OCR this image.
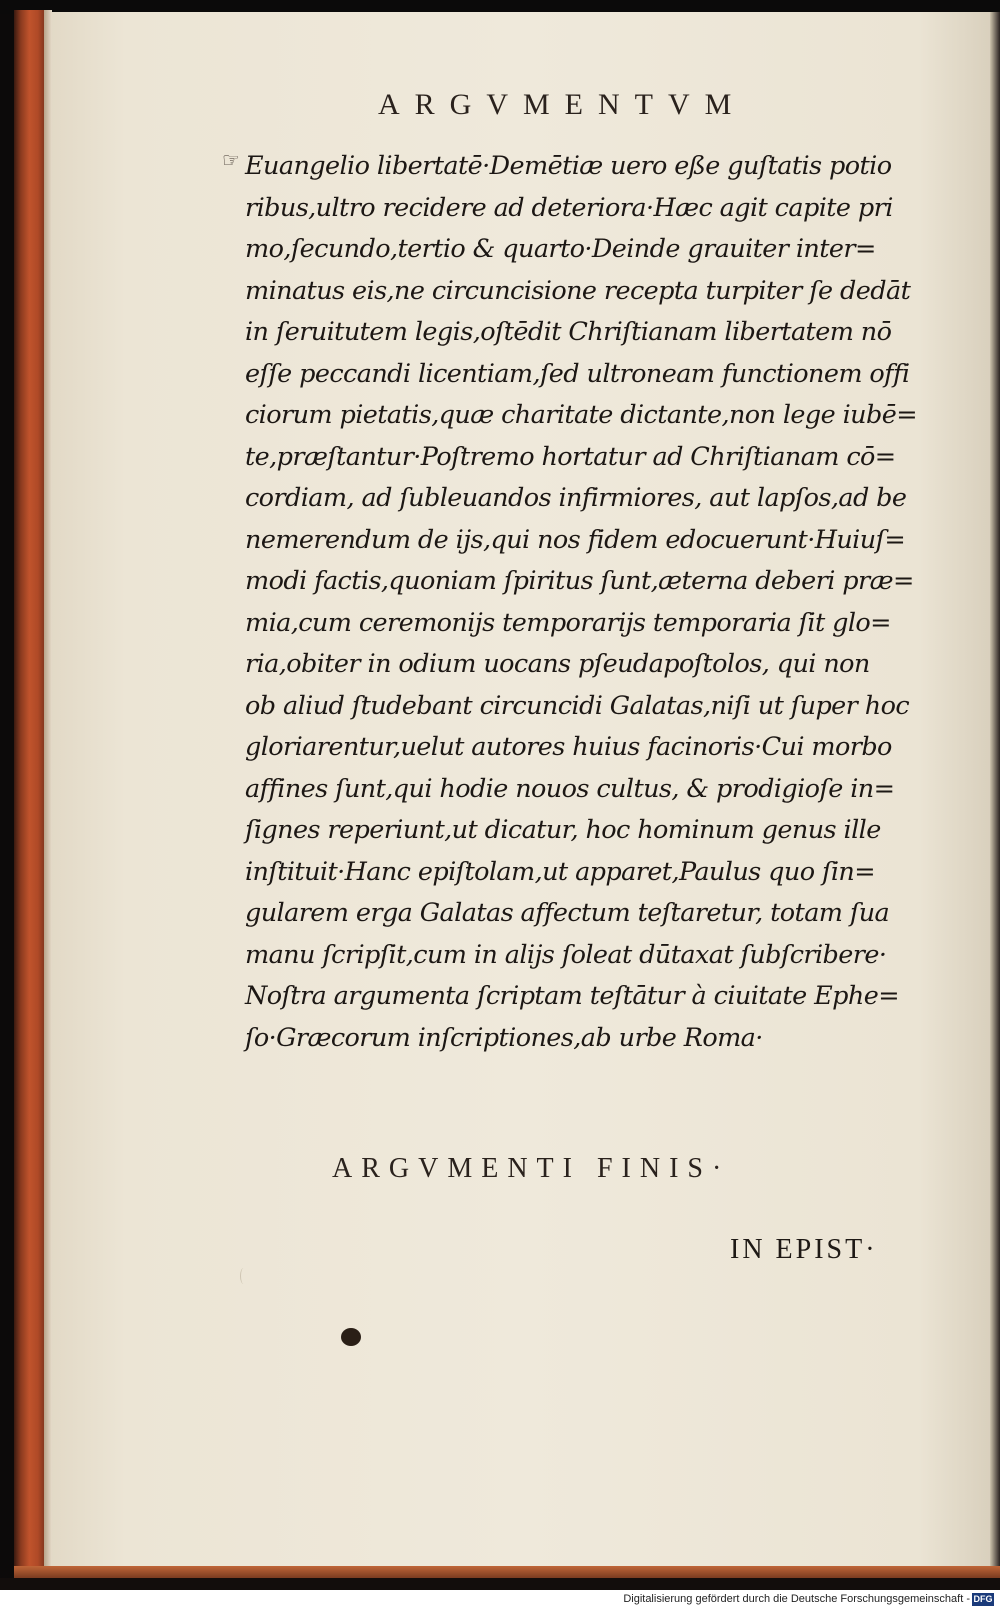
ARGVMENTVM
☞ Euangelio libertatē·Demētiæ uero eße guſtatis potio
ribus,ultro recidere ad deteriora·Hæc agit capite pri
mo,ſecundo,tertio & quarto·Deinde grauiter inter=
minatus eis,ne circuncisione recepta turpiter ſe dedāt
in ſeruitutem legis,oſtēdit Chriſtianam libertatem nō
eſſe peccandi licentiam,ſed ultroneam functionem offi
ciorum pietatis,quæ charitate dictante,non lege iubē=
te,præſtantur·Poſtremo hortatur ad Chriſtianam cō=
cordiam, ad ſubleuandos infirmiores, aut lapſos,ad be
nemerendum de ijs,qui nos fidem edocuerunt·Huiuſ=
modi factis,quoniam ſpiritus ſunt,æterna deberi præ=
mia,cum ceremonijs temporarijs temporaria ſit glo=
ria,obiter in odium uocans pſeudapoſtolos, qui non
ob aliud ſtudebant circuncidi Galatas,niſi ut ſuper hoc
gloriarentur,uelut autores huius facinoris·Cui morbo
affines ſunt,qui hodie nouos cultus, & prodigioſe in=
ſignes reperiunt,ut dicatur, hoc hominum genus ille
inſtituit·Hanc epiſtolam,ut apparet,Paulus quo ſin=
gularem erga Galatas affectum teſtaretur, totam ſua
manu ſcripſit,cum in alijs ſoleat dūtaxat ſubſcribere·
Noſtra argumenta ſcriptam teſtātur à ciuitate Ephe=
ſo·Græcorum inſcriptiones,ab urbe Roma·
ARGVMENTI FINIS·
IN EPIST·
Digitalisierung gefördert durch die Deutsche Forschungsgemeinschaft - DFG
